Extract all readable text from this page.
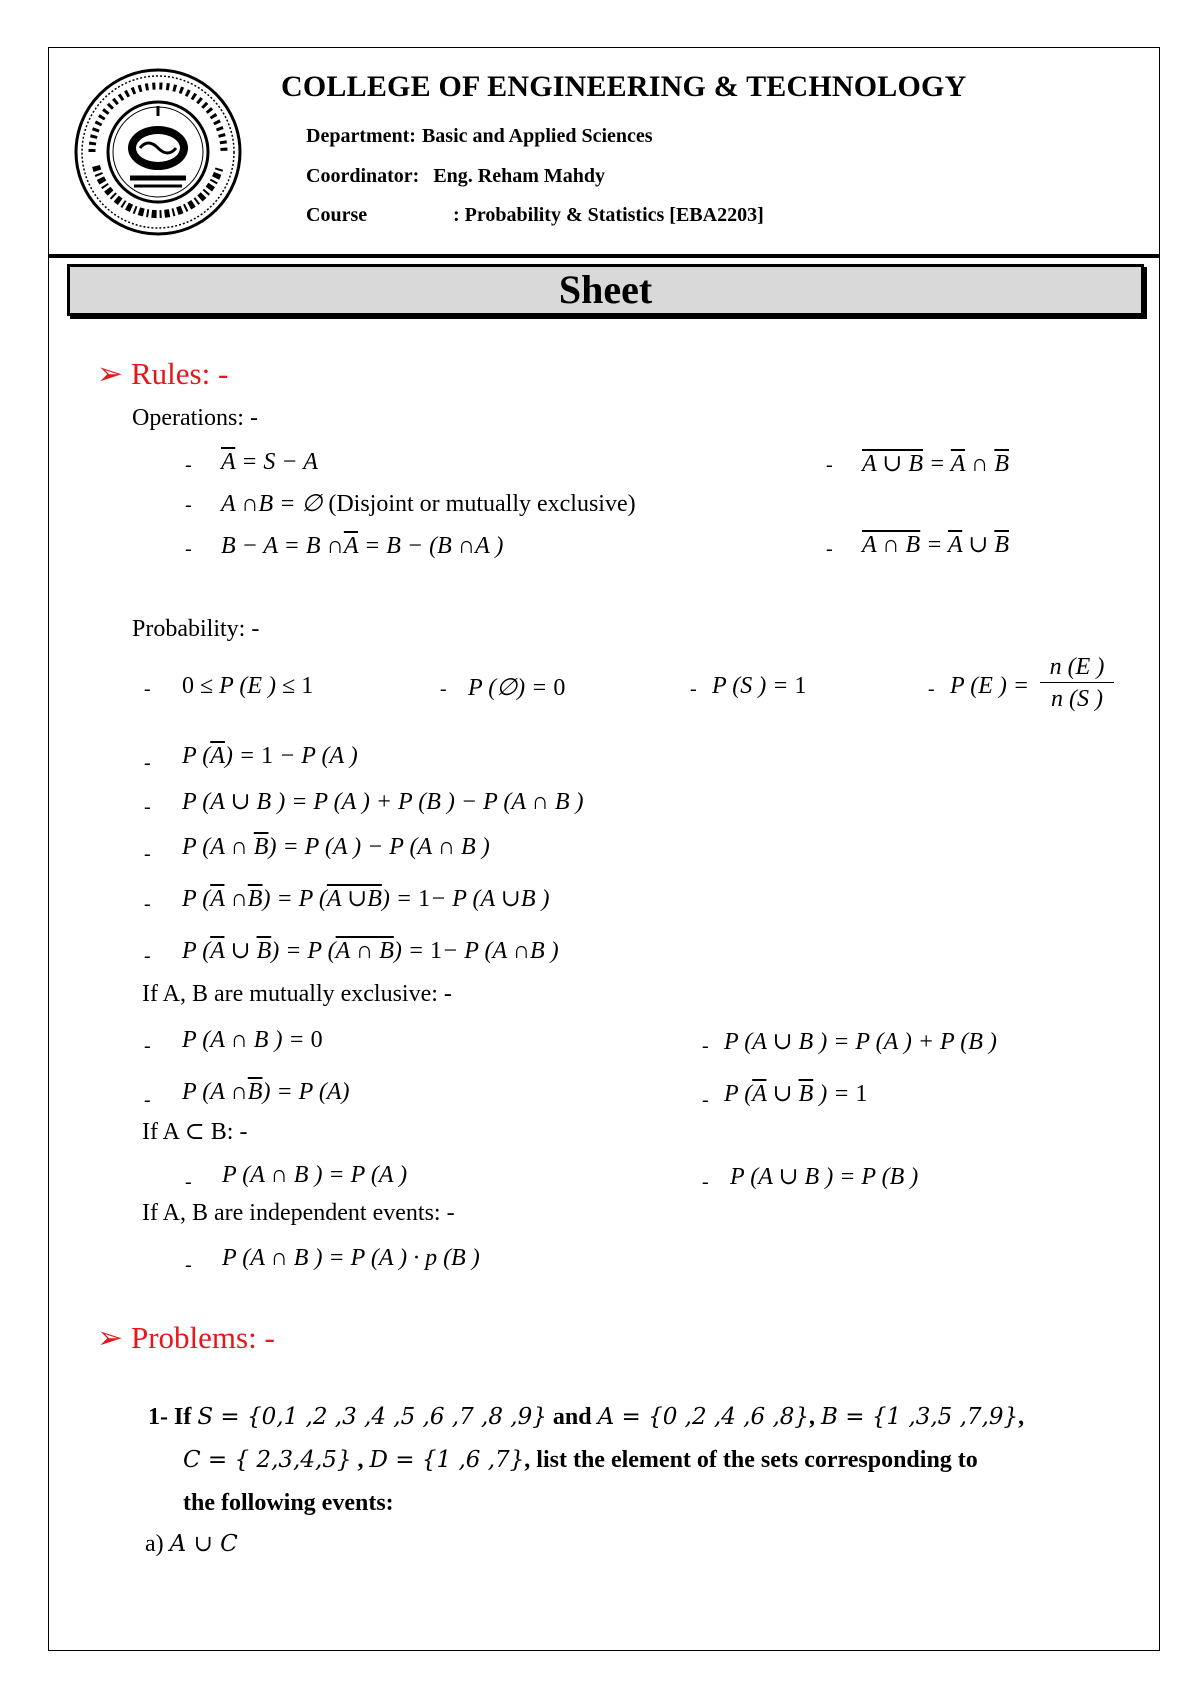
COLLEGE OF ENGINEERING & TECHNOLOGY
Department: Basic and Applied Sciences
Coordinator: Eng. Reham Mahdy
Course	: Probability & Statistics [EBA2203]
Sheet
➢ Rules: -
Operations: -
- $\overline{A} = S - A$
- A ∩B = ∅ (Disjoint or mutually exclusive)
- B − A = B $\cap\overline{A} = B - (B$ ∩A )
- A ∪ $B = \overline{A}$ ∩ $\overline{B}$
- A ∩ $B = \overline{A}$ ∪ $\overline{B}$
Probability: -
- 0 ≤ P (E ) ≤ 1	- P (∅) = 0	- P (S ) = 1	- P (E ) = $\frac{n (E )}{n (S )}$
- P $(\overline{A}) = 1 - P$ (A )
- P (A ∪ B ) = P (A ) + P (B ) − P (A ∩ B )
- P (A ∩ $\overline{B}) = P$ (A ) − P (A ∩ B )
- P ($\overline{A}$ $\cap\overline{B}) = P$ (A ∪B) = 1− P (A ∪B )
- P ($\overline{A}$ ∪ $\overline{B}) = P$ (A ∩ B) = 1− P (A ∩B )
If A, B are mutually exclusive: -
- P (A ∩ B ) = 0	- P (A ∪ B ) = P (A ) + P (B )
- P (A $\cap\overline{B}) = P$ (A)	- P ($\overline{A}$ ∪ $\overline{B}$ ) = 1
If A ⊂ B: -
- P (A ∩ B ) = P (A )	- P (A ∪ B ) = P (B )
If A, B are independent events: -
- P (A ∩ B ) = P (A ) · p (B )
➢ Problems: -
1- If S = {0,1 ,2 ,3 ,4 ,5 ,6 ,7 ,8 ,9} and A = {0 ,2 ,4 ,6 ,8}, B = {1 ,3,5 ,7,9},
C = { 2,3,4,5} , D = {1 ,6 ,7}, list the element of the sets corresponding to
the following events:
a) A ∪ C
